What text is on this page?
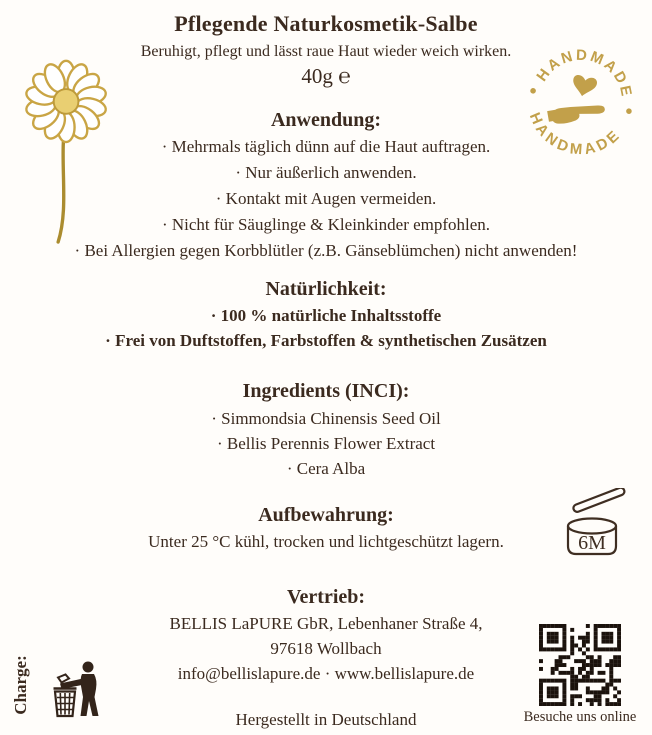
HANDMADE
HANDMADE
Pflegende Naturkosmetik-Salbe
Beruhigt, pflegt und lässt raue Haut wieder weich wirken.
40g ℮
Anwendung:
· Mehrmals täglich dünn auf die Haut auftragen.
· Nur äußerlich anwenden.
· Kontakt mit Augen vermeiden.
· Nicht für Säuglinge & Kleinkinder empfohlen.
· Bei Allergien gegen Korbblütler (z.B. Gänseblümchen) nicht anwenden!
Natürlichkeit:
· 100 % natürliche Inhaltsstoffe
· Frei von Duftstoffen, Farbstoffen & synthetischen Zusätzen
Ingredients (INCI):
· Simmondsia Chinensis Seed Oil
· Bellis Perennis Flower Extract
· Cera Alba
Aufbewahrung:
Unter 25 °C kühl, trocken und lichtgeschützt lagern.	6M
Vertrieb:
BELLIS LaPURE GbR, Lebenhaner Straße 4,
97618 Wollbach
info@bellislapure.de · www.bellislapure.de
Hergestellt in Deutschland
Charge:
Besuche uns online
